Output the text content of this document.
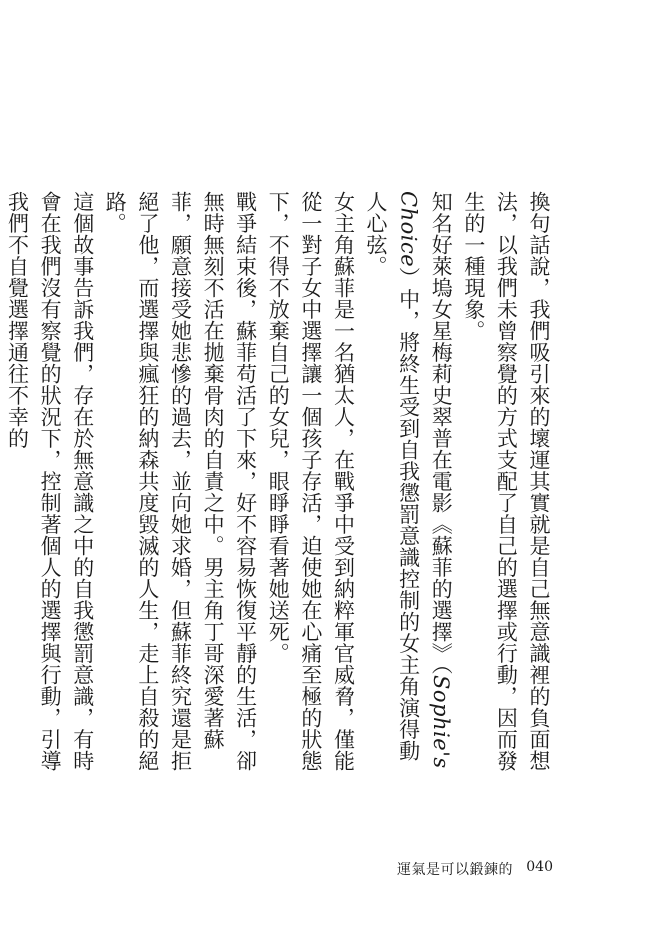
換句話說，我們吸引來的壞運其實就是自己無意識裡的負面想法，以我們未曾察覺的方式支配了自己的選擇或行動，因而發生的一種現象。

知名好萊塢女星梅莉史翠普在電影《蘇菲的選擇》（Sophie's Choice）中，將終生受到自我懲罰意識控制的女主角演得動人心弦。

女主角蘇菲是一名猶太人，在戰爭中受到納粹軍官威脅，僅能從一對子女中選擇讓一個孩子存活，迫使她在心痛至極的狀態下，不得不放棄自己的女兒，眼睜睜看著她送死。

戰爭結束後，蘇菲苟活了下來，好不容易恢復平靜的生活，卻無時無刻不活在拋棄骨肉的自責之中。男主角丁哥深愛著蘇菲，願意接受她悲慘的過去，並向她求婚，但蘇菲終究還是拒絕了他，而選擇與瘋狂的納森共度毀滅的人生，走上自殺的絕路。

這個故事告訴我們，存在於無意識之中的自我懲罰意識，有時會在我們沒有察覺的狀況下，控制著個人的選擇與行動，引導我們不自覺選擇通往不幸的

運氣是可以鍛鍊的 040
